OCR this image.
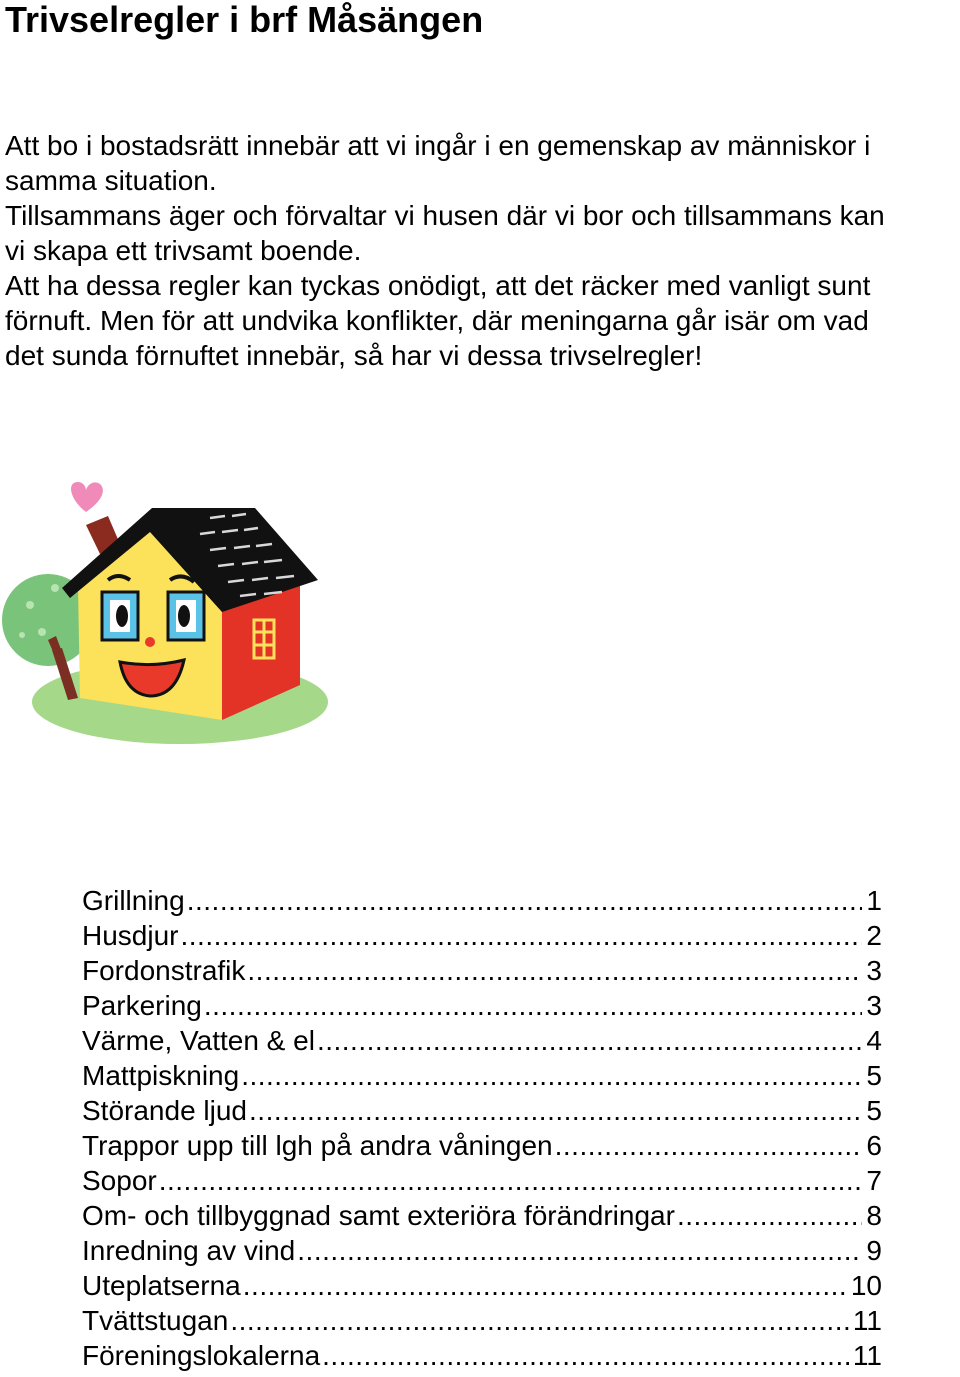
Trivselregler i brf Måsängen

Att bo i bostadsrätt innebär att vi ingår i en gemenskap av människor i

samma situation.

Tillsammans äger och förvaltar vi husen där vi bor och tillsammans kan

vi skapa ett trivsamt boende.

Att ha dessa regler kan tyckas onödigt, att det räcker med vanligt sunt

förnuft. Men för att undvika konflikter, där meningarna går isär om vad

det sunda förnuftet innebär, så har vi dessa trivselregler!

Grillning .....	1
Husdjur .....	2
Fordonstrafik .....	3
Parkering .....	3
Värme, Vatten & el .....	4
Mattpiskning .....	5
Störande ljud .....	5
Trappor upp till lgh på andra våningen .....	6
Sopor .....	7
Om- och tillbyggnad samt exteriöra förändringar .....	8
Inredning av vind .....	9
Uteplatserna .....	10
Tvättstugan .....	11
Föreningslokalerna .....	11
